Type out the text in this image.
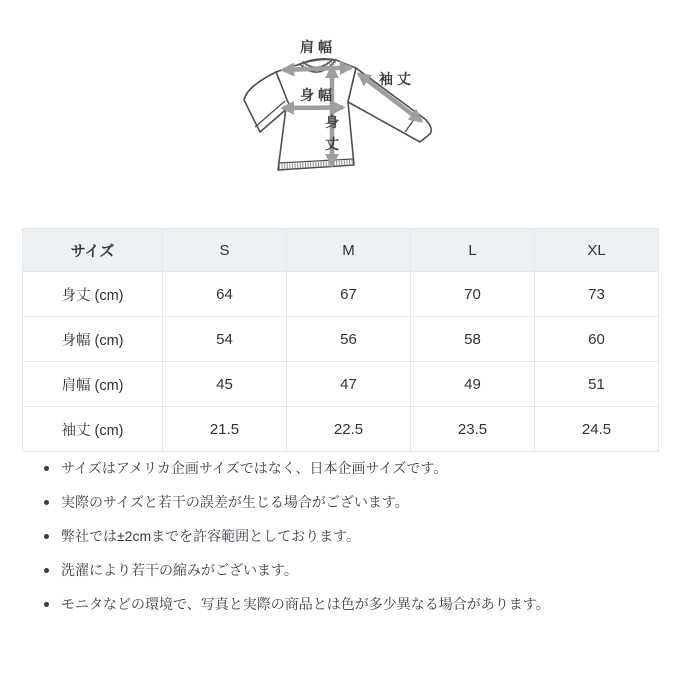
肩幅
袖丈
身幅
身
丈
サイズ	S	M	L	XL
身丈 (cm)	64	67	70	73
身幅 (cm)	54	56	58	60
肩幅 (cm)	45	47	49	51
袖丈 (cm)	21.5	22.5	23.5	24.5
サイズはアメリカ企画サイズではなく、日本企画サイズです。
実際のサイズと若干の誤差が生じる場合がございます。
弊社では±2cmまでを許容範囲としております。
洗濯により若干の縮みがございます。
モニタなどの環境で、写真と実際の商品とは色が多少異なる場合があります。
